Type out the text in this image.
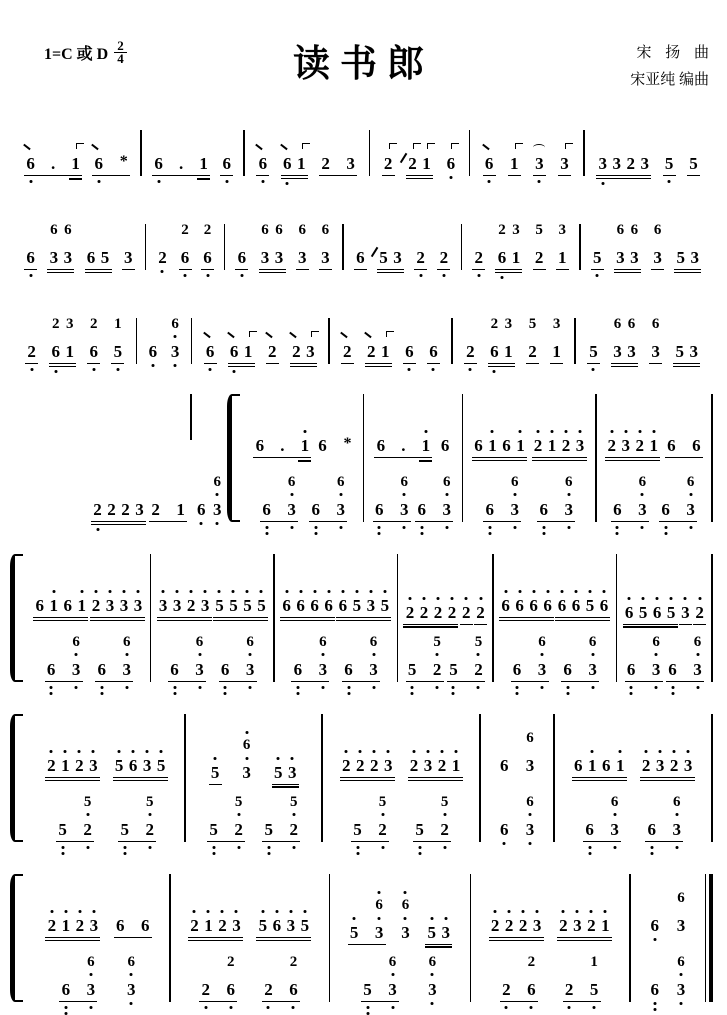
1=C 或 D $\frac{2}{4}$	读书郎	宋 扬 曲
宋亚纯 编曲
6 . 1 6 * 6 . 1 6 6 6 1 2 3 2 2 1 6 6 1 3 3 3 3 2 3 5 5
6
6 6
3 3 6 5 3 2
2
6
2
6 6
6 6
3 3
6
3
6
3 6 5 3 2 2 2
2 3
6 1
5
2
3
1 5
6 6
3 3
6
3 5 3
2
2 3
6 1
2
6
1
5 6
6
3 6 6 1 2 2 3 2 2 1 6 6 2
2 3
6 1
5
2
3
1 5
6 6
3 3
6
3 5 3
2 2 2 3 2 1 6
6
3
6 . 1 6 *
6
6 3
6
6 3
6 . 1 6
6
6 3
6
6 3
6 1 6 1 2 1 2 3
6
6 3
6
6 3
2 3 2 1 6 6
6
6 3
6
6 3
6 1 6 1 2 3 3 3
6
6 3
6
6 3
3 3 2 3 5 5 5 5
6
6 3
6
6 3
6 6 6 6 6 5 3 5
6
6 3
6
6 3
2 2 2 2 2 2
5
5 2
5
5 2
6 6 6 6 6 6 5 6
6
6 3
6
6 3
6 5 6 5 3 2
6
6 3
6
6 3
2 1 2 3 5 6 3 5
5
5 2
5
5 2
5
6
3 5 3
5
5 2
5
5 2
2 2 2 3 2 3 2 1
5
5 2
5
5 2
6
6
3
6
6
3
6 1 6 1 2 3 2 3
6
6 3
6
6 3
2 1 2 3 6 6
6
6 3
6
3
2 1 2 3 5 6 3 5
2
2 6
2
2 6
6
5 3
6
3 5 3
6
5 3
6
3
2 2 2 3 2 3 2 1
2
2 6
1
2 5
6
6
3
6
6
3
